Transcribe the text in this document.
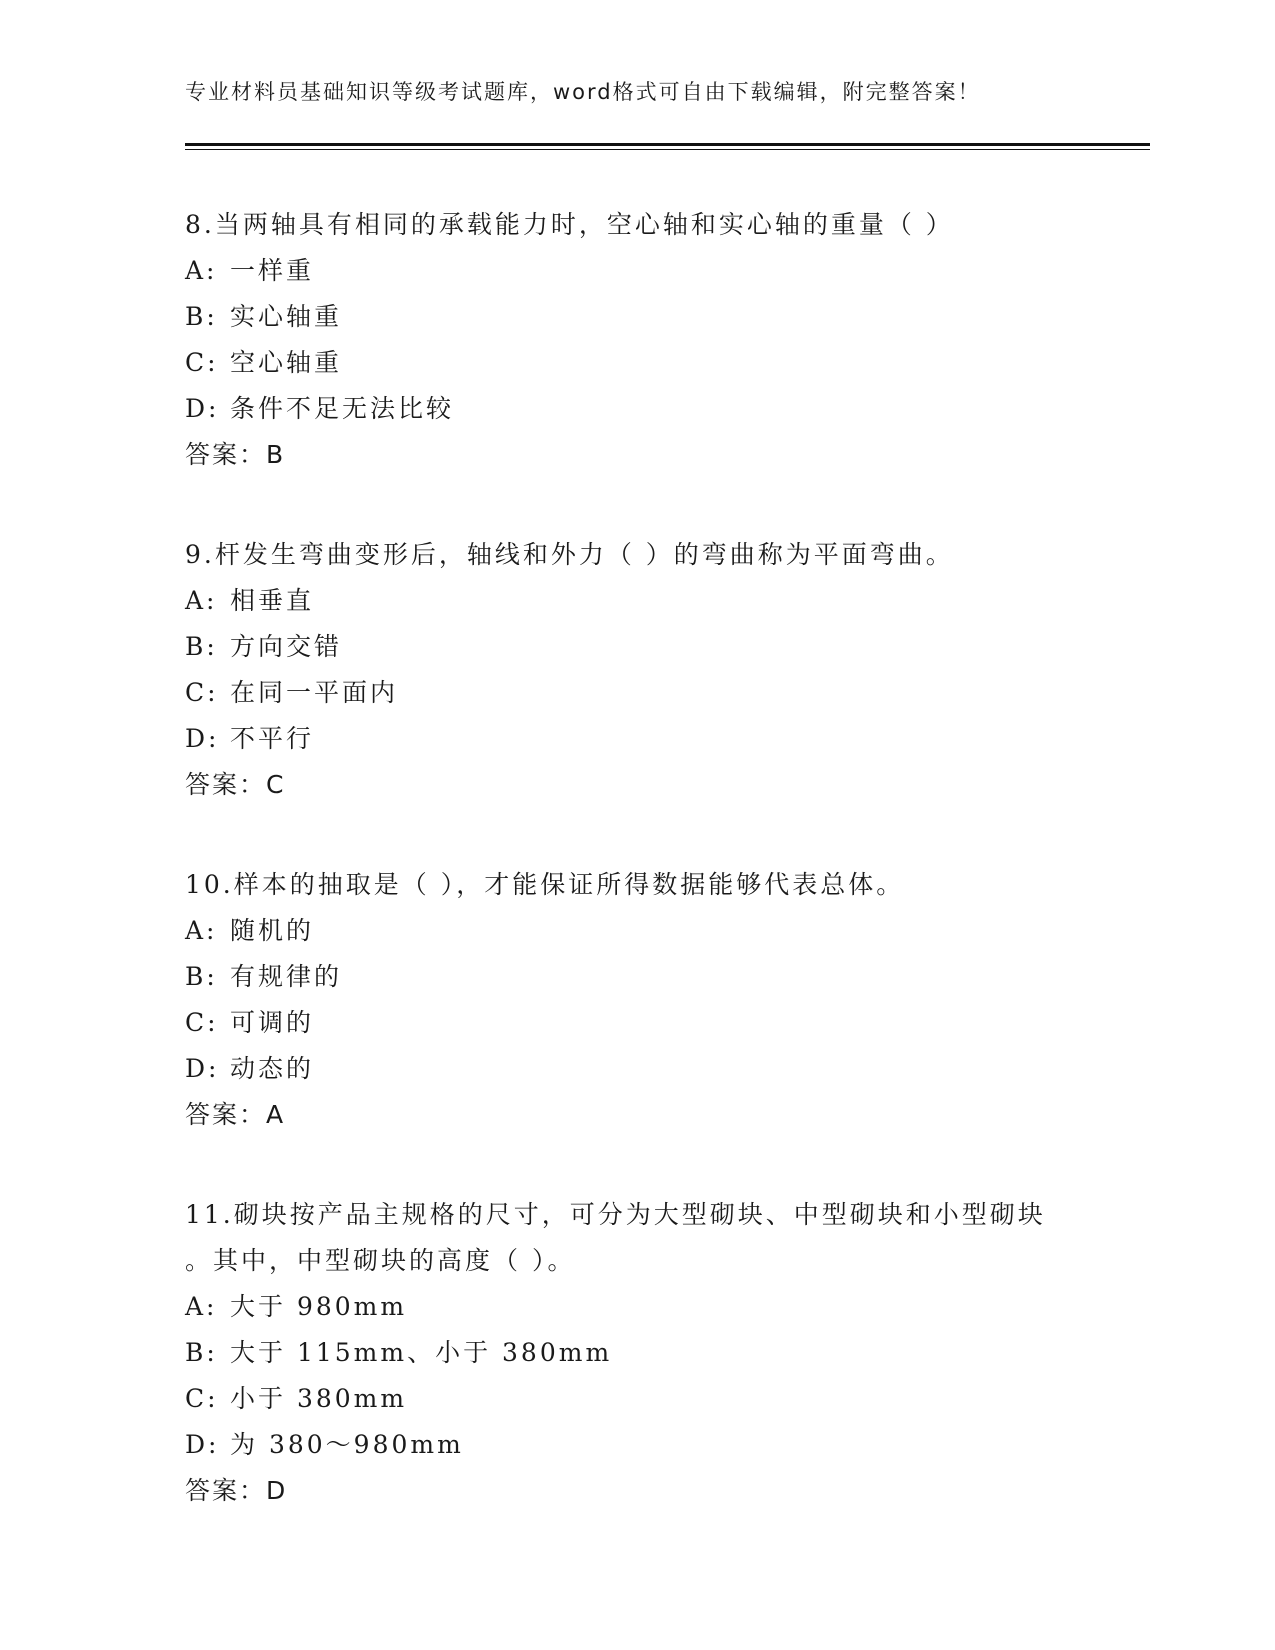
专业材料员基础知识等级考试题库，word格式可自由下载编辑，附完整答案！
8.当两轴具有相同的承载能力时，空心轴和实心轴的重量（ ）
A: 一样重
B: 实心轴重
C: 空心轴重
D: 条件不足无法比较
答案：B
9.杆发生弯曲变形后，轴线和外力（ ）的弯曲称为平面弯曲。
A: 相垂直
B: 方向交错
C: 在同一平面内
D: 不平行
答案：C
10.样本的抽取是（ ），才能保证所得数据能够代表总体。
A: 随机的
B: 有规律的
C: 可调的
D: 动态的
答案：A
11.砌块按产品主规格的尺寸，可分为大型砌块、中型砌块和小型砌块
。其中，中型砌块的高度（ ）。
A: 大于 980mm
B: 大于 115mm、小于 380mm
C: 小于 380mm
D: 为 380～980mm
答案：D
